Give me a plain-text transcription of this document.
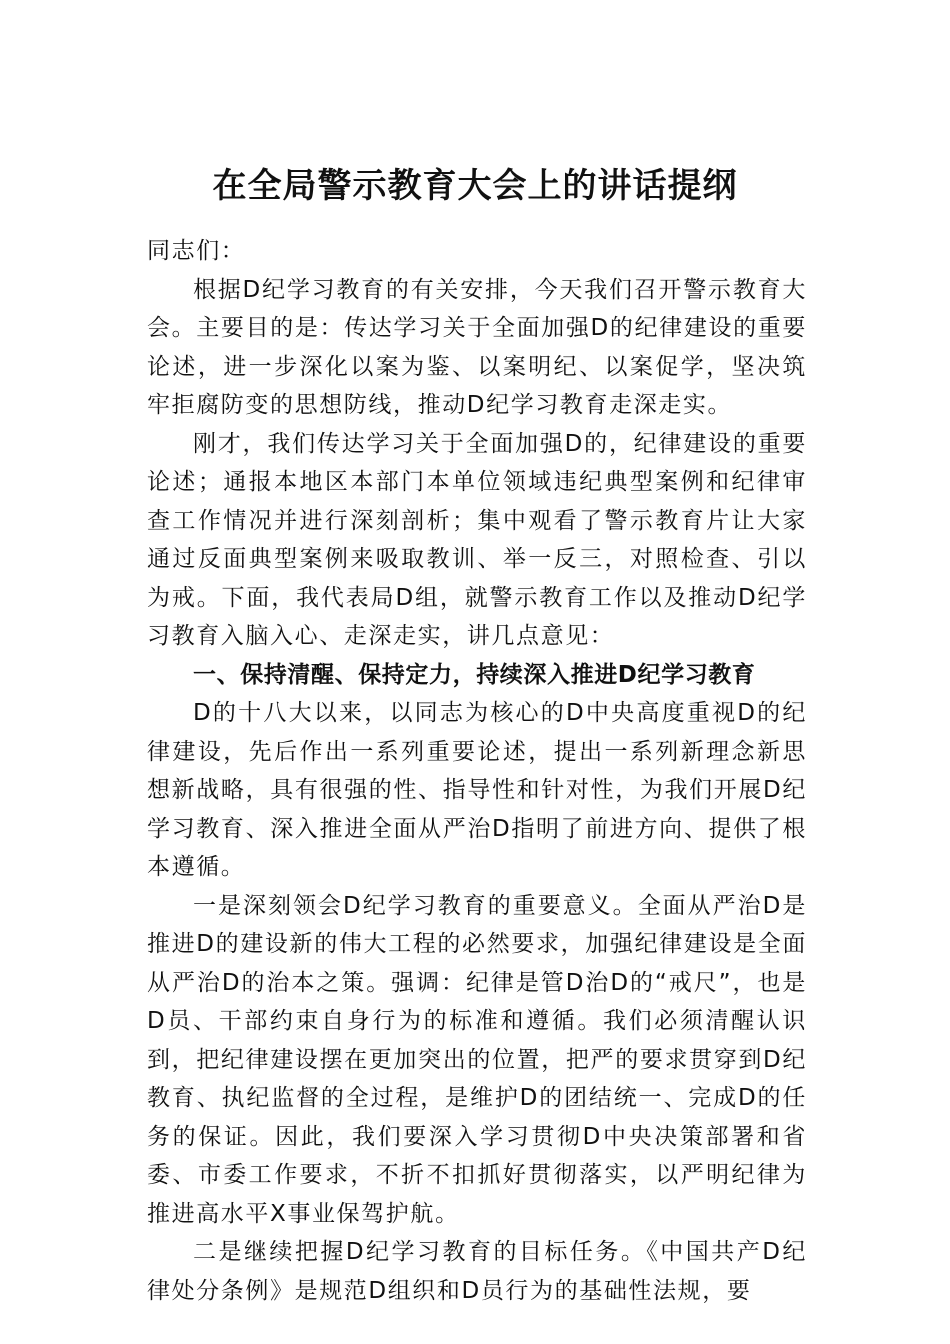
在全局警示教育大会上的讲话提纲

同志们：

根据D纪学习教育的有关安排，今天我们召开警示教育大会。主要目的是：传达学习关于全面加强D的纪律建设的重要论述，进一步深化以案为鉴、以案明纪、以案促学，坚决筑牢拒腐防变的思想防线，推动D纪学习教育走深走实。

刚才，我们传达学习关于全面加强D的，纪律建设的重要论述；通报本地区本部门本单位领域违纪典型案例和纪律审查工作情况并进行深刻剖析；集中观看了警示教育片让大家通过反面典型案例来吸取教训、举一反三，对照检查、引以为戒。下面，我代表局D组，就警示教育工作以及推动D纪学习教育入脑入心、走深走实，讲几点意见：

一、保持清醒、保持定力，持续深入推进D纪学习教育

D的十八大以来，以同志为核心的D中央高度重视D的纪律建设，先后作出一系列重要论述，提出一系列新理念新思想新战略，具有很强的性、指导性和针对性，为我们开展D纪学习教育、深入推进全面从严治D指明了前进方向、提供了根本遵循。

一是深刻领会D纪学习教育的重要意义。全面从严治D是推进D的建设新的伟大工程的必然要求，加强纪律建设是全面从严治D的治本之策。强调：纪律是管D治D的“戒尺”，也是D员、干部约束自身行为的标准和遵循。我们必须清醒认识到，把纪律建设摆在更加突出的位置，把严的要求贯穿到D纪教育、执纪监督的全过程，是维护D的团结统一、完成D的任务的保证。因此，我们要深入学习贯彻D中央决策部署和省委、市委工作要求，不折不扣抓好贯彻落实，以严明纪律为推进高水平X事业保驾护航。

二是继续把握D纪学习教育的目标任务。《中国共产D纪律处分条例》是规范D组织和D员行为的基础性法规，要
